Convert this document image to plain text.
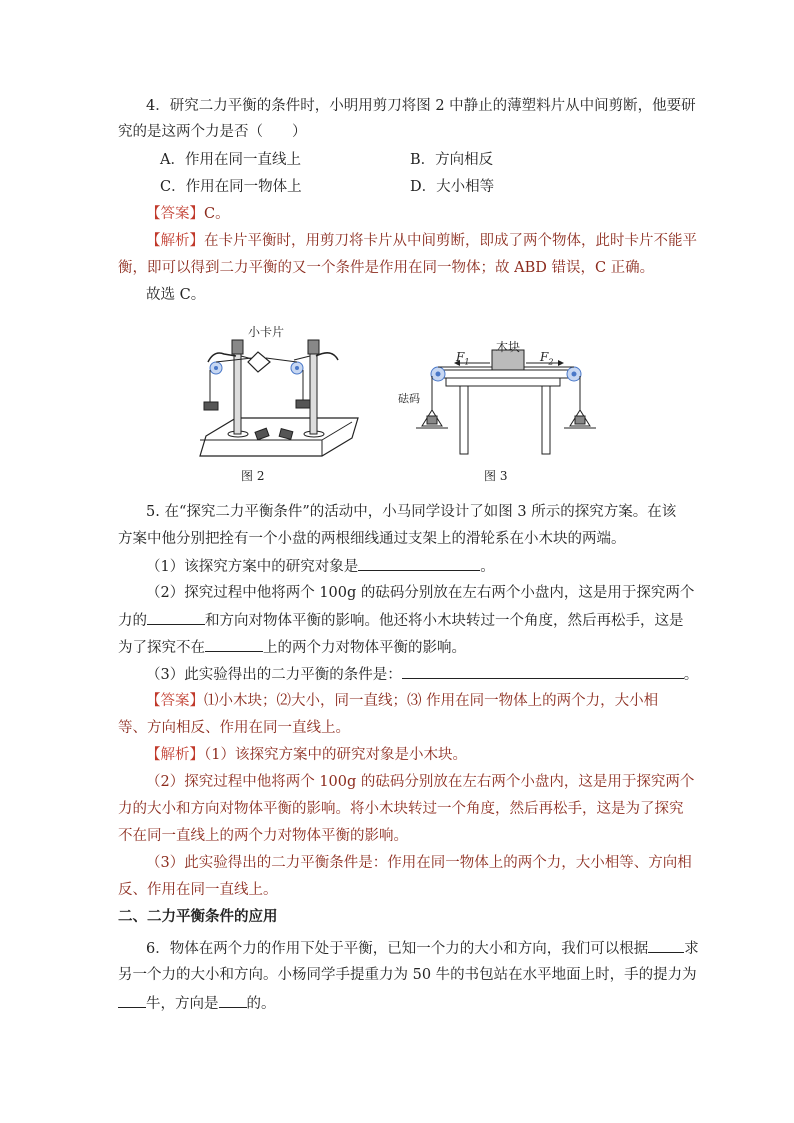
4．研究二力平衡的条件时，小明用剪刀将图 2 中静止的薄塑料片从中间剪断，他要研
究的是这两个力是否（　　）
A．作用在同一直线上	B．方向相反
C．作用在同一物体上	D．大小相等
【答案】C。
【解析】在卡片平衡时，用剪刀将卡片从中间剪断，即成了两个物体，此时卡片不能平
衡，即可以得到二力平衡的又一个条件是作用在同一物体；故 ABD 错误，C 正确。
故选 C。
小卡片
图 2
木块
$F_1$	$F_2$
砝码
图 3
5. 在“探究二力平衡条件”的活动中，小马同学设计了如图 3 所示的探究方案。在该
方案中他分别把拴有一个小盘的两根细线通过支架上的滑轮系在小木块的两端。
（1）该探究方案中的研究对象是	。
（2）探究过程中他将两个 100g 的砝码分别放在左右两个小盘内，这是用于探究两个
力的	和方向对物体平衡的影响。他还将小木块转过一个角度，然后再松手，这是
为了探究不在	上的两个力对物体平衡的影响。
（3）此实验得出的二力平衡的条件是：	。
【答案】⑴小木块；⑵大小，同一直线；⑶ 作用在同一物体上的两个力，大小相
等、方向相反、作用在同一直线上。
【解析】（1）该探究方案中的研究对象是小木块。
（2）探究过程中他将两个 100g 的砝码分别放在左右两个小盘内，这是用于探究两个
力的大小和方向对物体平衡的影响。将小木块转过一个角度，然后再松手，这是为了探究
不在同一直线上的两个力对物体平衡的影响。
（3）此实验得出的二力平衡条件是：作用在同一物体上的两个力，大小相等、方向相
反、作用在同一直线上。
二、二力平衡条件的应用
6．物体在两个力的作用下处于平衡，已知一个力的大小和方向，我们可以根据 求
另一个力的大小和方向。小杨同学手提重力为 50 牛的书包站在水平地面上时，手的提力为
牛，方向是 的。
